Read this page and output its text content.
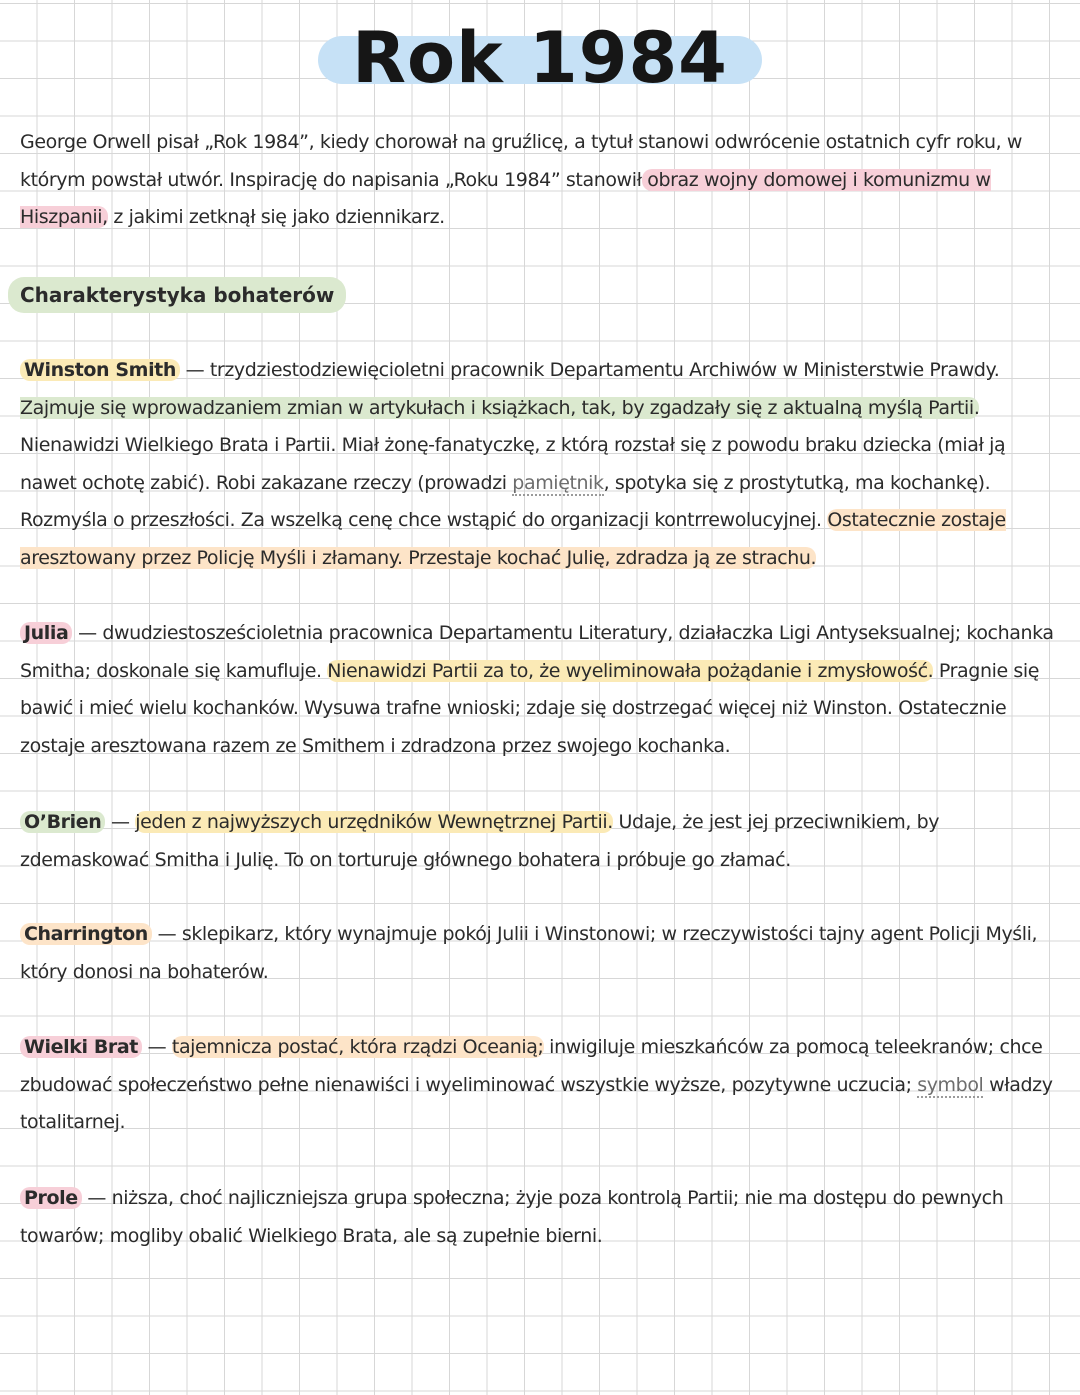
Rok 1984
George Orwell pisał „Rok 1984”, kiedy chorował na gruźlicę, a tytuł stanowi odwrócenie ostatnich cyfr roku, w którym powstał utwór. Inspirację do napisania „Roku 1984” stanowił obraz wojny domowej i komunizmu w Hiszpanii, z jakimi zetknął się jako dziennikarz.
Charakterystyka bohaterów
Winston Smith — trzydziestodziewięcioletni pracownik Departamentu Archiwów w Ministerstwie Prawdy. Zajmuje się wprowadzaniem zmian w artykułach i książkach, tak, by zgadzały się z aktualną myślą Partii. Nienawidzi Wielkiego Brata i Partii. Miał żonę-fanatyczkę, z którą rozstał się z powodu braku dziecka (miał ją nawet ochotę zabić). Robi zakazane rzeczy (prowadzi pamiętnik, spotyka się z prostytutką, ma kochankę). Rozmyśla o przeszłości. Za wszelką cenę chce wstąpić do organizacji kontrrewolucyjnej. Ostatecznie zostaje aresztowany przez Policję Myśli i złamany. Przestaje kochać Julię, zdradza ją ze strachu.
Julia — dwudziestosześcioletnia pracownica Departamentu Literatury, działaczka Ligi Antyseksualnej; kochanka Smitha; doskonale się kamufluje. Nienawidzi Partii za to, że wyeliminowała pożądanie i zmysłowość. Pragnie się bawić i mieć wielu kochanków. Wysuwa trafne wnioski; zdaje się dostrzegać więcej niż Winston. Ostatecznie zostaje aresztowana razem ze Smithem i zdradzona przez swojego kochanka.
O’Brien — jeden z najwyższych urzędników Wewnętrznej Partii. Udaje, że jest jej przeciwnikiem, by zdemaskować Smitha i Julię. To on torturuje głównego bohatera i próbuje go złamać.
Charrington — sklepikarz, który wynajmuje pokój Julii i Winstonowi; w rzeczywistości tajny agent Policji Myśli, który donosi na bohaterów.
Wielki Brat — tajemnicza postać, która rządzi Oceanią; inwigiluje mieszkańców za pomocą teleekranów; chce zbudować społeczeństwo pełne nienawiści i wyeliminować wszystkie wyższe, pozytywne uczucia; symbol władzy totalitarnej.
Prole — niższa, choć najliczniejsza grupa społeczna; żyje poza kontrolą Partii; nie ma dostępu do pewnych towarów; mogliby obalić Wielkiego Brata, ale są zupełnie bierni.
